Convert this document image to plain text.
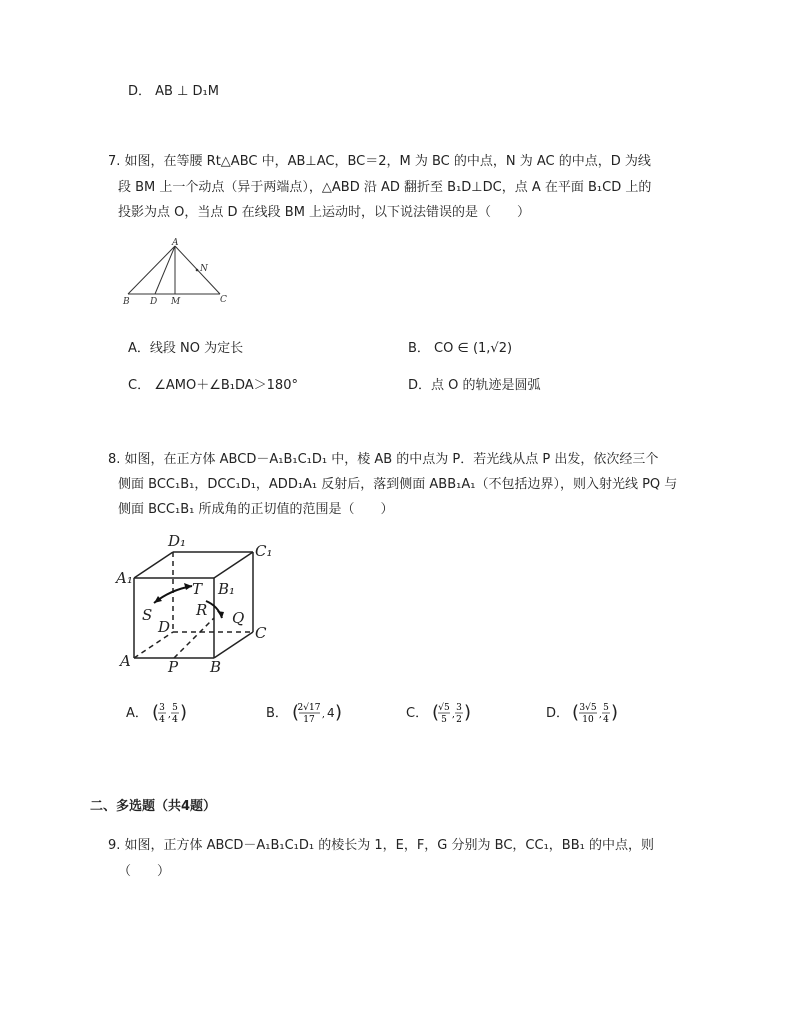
D． AB ⊥ D₁M
7. 如图，在等腰 Rt△ABC 中，AB⊥AC，BC＝2，M 为 BC 的中点，N 为 AC 的中点，D 为线
段 BM 上一个动点（异于两端点），△ABD 沿 AD 翻折至 B₁D⊥DC，点 A 在平面 B₁CD 上的
投影为点 O，当点 D 在线段 BM 上运动时，以下说法错误的是（　　）
A
B D M	C
N
A．线段 NO 为定长	B． CO ∈ (1,√2)
C． ∠AMO＋∠B₁DA＞180°	D．点 O 的轨迹是圆弧
8. 如图，在正方体 ABCD－A₁B₁C₁D₁ 中，棱 AB 的中点为 P．若光线从点 P 出发，依次经三个
侧面 BCC₁B₁，DCC₁D₁，ADD₁A₁ 反射后，落到侧面 ABB₁A₁（不包括边界），则入射光线 PQ 与
侧面 BCC₁B₁ 所成角的正切值的范围是（　　）
D₁
C₁
A₁
B₁
T
S	R Q
D	C
A P B
A． ( 3
4 ,
5
4 )	B． (
2√17
17 , 4 )	C． ( √5
5 ,
3
2 )	D． ( 3√5
10 ,
5
4 )
二、多选题（共4题）
9. 如图，正方体 ABCD－A₁B₁C₁D₁ 的棱长为 1，E，F，G 分别为 BC，CC₁，BB₁ 的中点，则
（　　）
